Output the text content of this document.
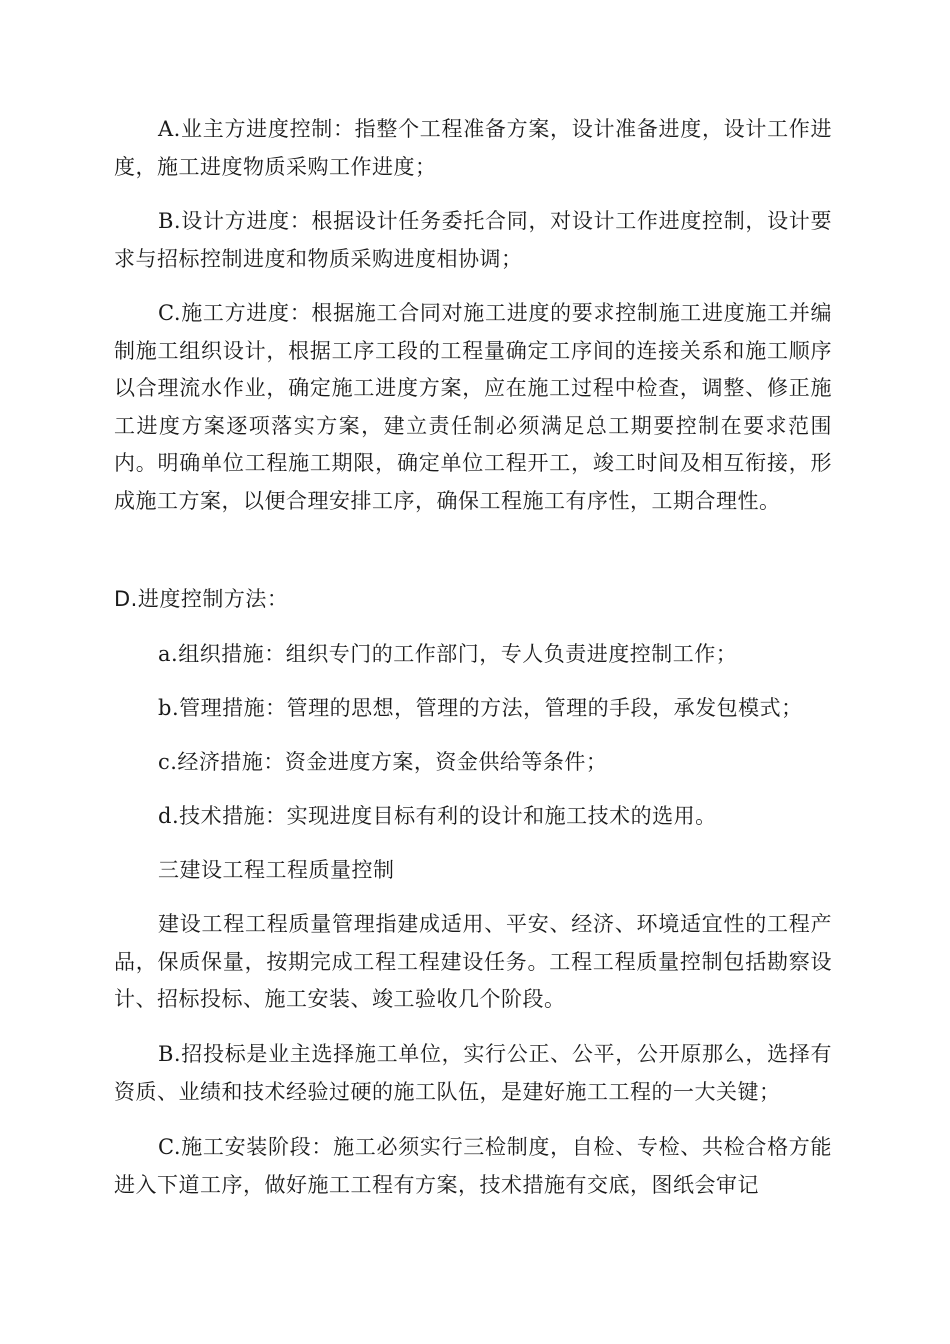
A.业主方进度控制：指整个工程准备方案，设计准备进度，设计工作进度，施工进度物质采购工作进度；

B.设计方进度：根据设计任务委托合同，对设计工作进度控制，设计要求与招标控制进度和物质采购进度相协调；

C.施工方进度：根据施工合同对施工进度的要求控制施工进度施工并编制施工组织设计，根据工序工段的工程量确定工序间的连接关系和施工顺序以合理流水作业，确定施工进度方案，应在施工过程中检查，调整、修正施工进度方案逐项落实方案，建立责任制必须满足总工期要控制在要求范围内。明确单位工程施工期限，确定单位工程开工，竣工时间及相互衔接，形成施工方案，以便合理安排工序，确保工程施工有序性，工期合理性。

D.进度控制方法：

a.组织措施：组织专门的工作部门，专人负责进度控制工作；

b.管理措施：管理的思想，管理的方法，管理的手段，承发包模式；

c.经济措施：资金进度方案，资金供给等条件；

d.技术措施：实现进度目标有利的设计和施工技术的选用。

三建设工程工程质量控制

建设工程工程质量管理指建成适用、平安、经济、环境适宜性的工程产品，保质保量，按期完成工程工程建设任务。工程工程质量控制包括勘察设计、招标投标、施工安装、竣工验收几个阶段。

B.招投标是业主选择施工单位，实行公正、公平，公开原那么，选择有资质、业绩和技术经验过硬的施工队伍，是建好施工工程的一大关键；

C.施工安装阶段：施工必须实行三检制度，自检、专检、共检合格方能进入下道工序，做好施工工程有方案，技术措施有交底，图纸会审记
